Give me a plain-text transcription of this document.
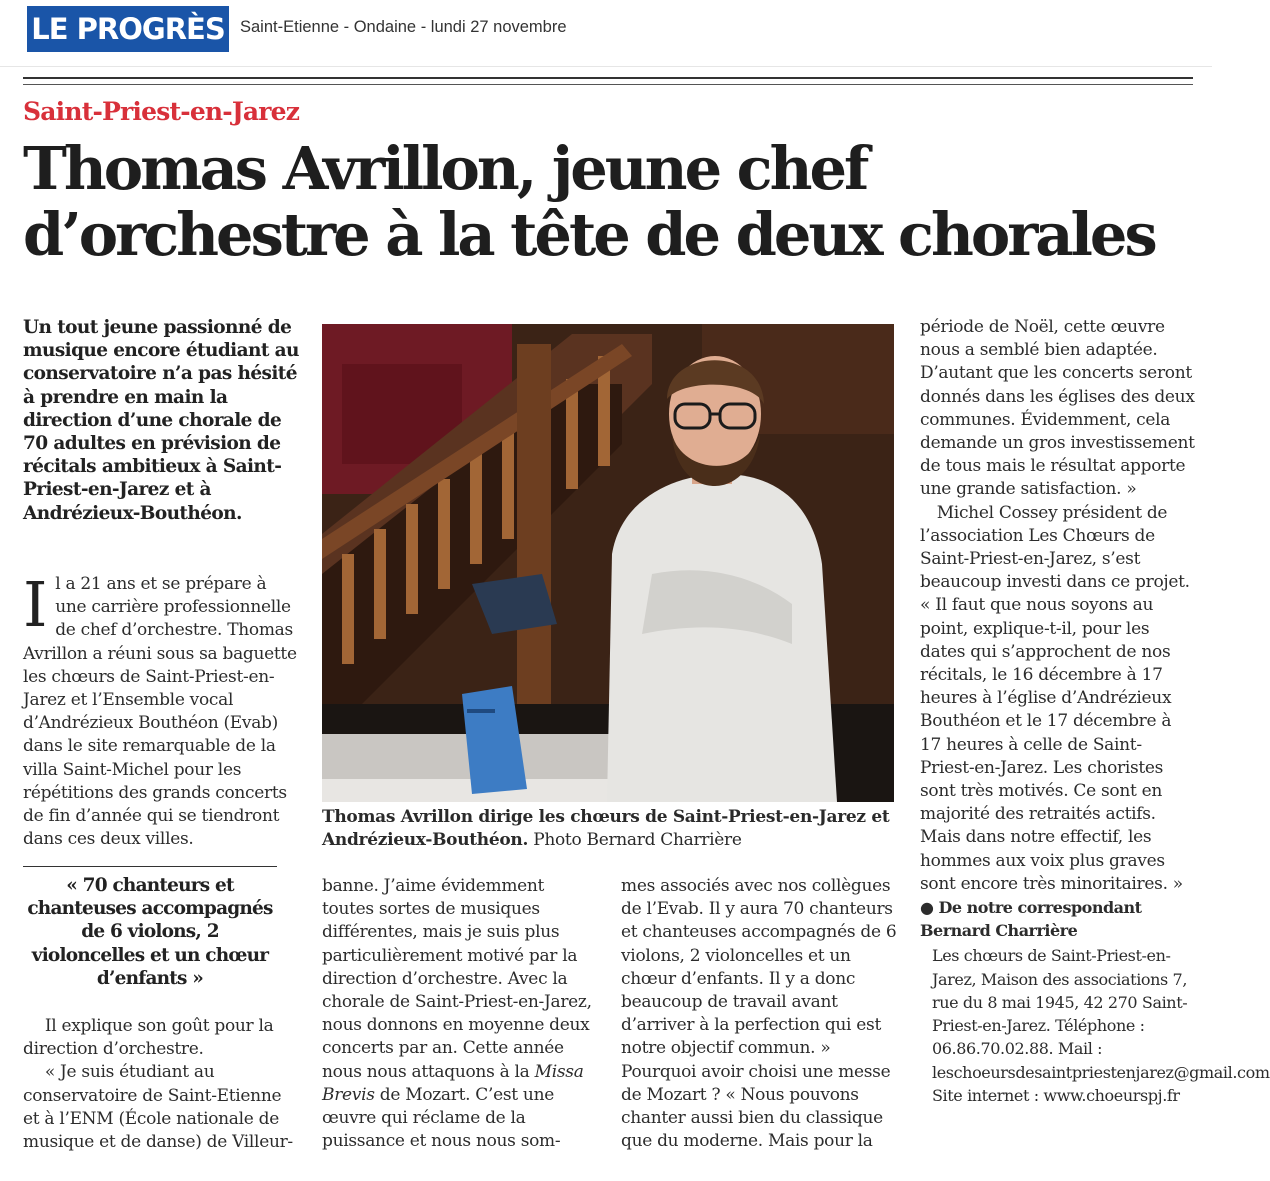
LE PROGRÈS Saint-Etienne - Ondaine - lundi 27 novembre
Saint-Priest-en-Jarez
Thomas Avrillon, jeune chef d’orchestre à la tête de deux chorales
Un tout jeune passionné de musique encore étudiant au conservatoire n’a pas hésité à prendre en main la direction d’une chorale de 70 adultes en prévision de récitals ambitieux à Saint-Priest-en-Jarez et à Andrézieux-Bouthéon.

Il a 21 ans et se prépare à une carrière professionnelle de chef d’orchestre. Thomas Avrillon a réuni sous sa baguette les chœurs de Saint-Priest-en-Jarez et l’Ensemble vocal d’Andrézieux Bouthéon (Evab) dans le site remarquable de la villa Saint-Michel pour les répétitions des grands concerts de fin d’année qui se tiendront dans ces deux villes.

« 70 chanteurs et chanteuses accompagnés de 6 violons, 2 violoncelles et un chœur d’enfants »

  Il explique son goût pour la direction d’orchestre.

  « Je suis étudiant au conservatoire de Saint-Etienne et à l’ENM (École nationale de musique et de danse) de Villeur-

Thomas Avrillon dirige les chœurs de Saint-Priest-en-Jarez et Andrézieux-Bouthéon. Photo Bernard Charrière

banne. J’aime évidemment toutes sortes de musiques différentes, mais je suis plus particulièrement motivé par la direction d’orchestre. Avec la chorale de Saint-Priest-en-Jarez, nous donnons en moyenne deux concerts par an. Cette année nous nous attaquons à la Missa Brevis de Mozart. C’est une œuvre qui réclame de la puissance et nous nous som-

mes associés avec nos collègues de l’Evab. Il y aura 70 chanteurs et chanteuses accompagnés de 6 violons, 2 violoncelles et un chœur d’enfants. Il y a donc beaucoup de travail avant d’arriver à la perfection qui est notre objectif commun. » Pourquoi avoir choisi une messe de Mozart ? « Nous pouvons chanter aussi bien du classique que du moderne. Mais pour la

période de Noël, cette œuvre nous a semblé bien adaptée. D’autant que les concerts seront donnés dans les églises des deux communes. Évidemment, cela demande un gros investissement de tous mais le résultat apporte une grande satisfaction. »

 Michel Cossey président de l’association Les Chœurs de Saint-Priest-en-Jarez, s’est beaucoup investi dans ce projet. « Il faut que nous soyons au point, explique-t-il, pour les dates qui s’approchent de nos récitals, le 16 décembre à 17 heures à l’église d’Andrézieux Bouthéon et le 17 décembre à 17 heures à celle de Saint-Priest-en-Jarez. Les choristes sont très motivés. Ce sont en majorité des retraités actifs. Mais dans notre effectif, les hommes aux voix plus graves sont encore très minoritaires. »

● De notre correspondant
Bernard Charrière
Les chœurs de Saint-Priest-en-Jarez, Maison des associations 7, rue du 8 mai 1945, 42 270 Saint-Priest-en-Jarez. Téléphone : 06.86.70.02.88. Mail : leschoeursdesaintpriestenjarez@gmail.com Site internet : www.choeurspj.fr
